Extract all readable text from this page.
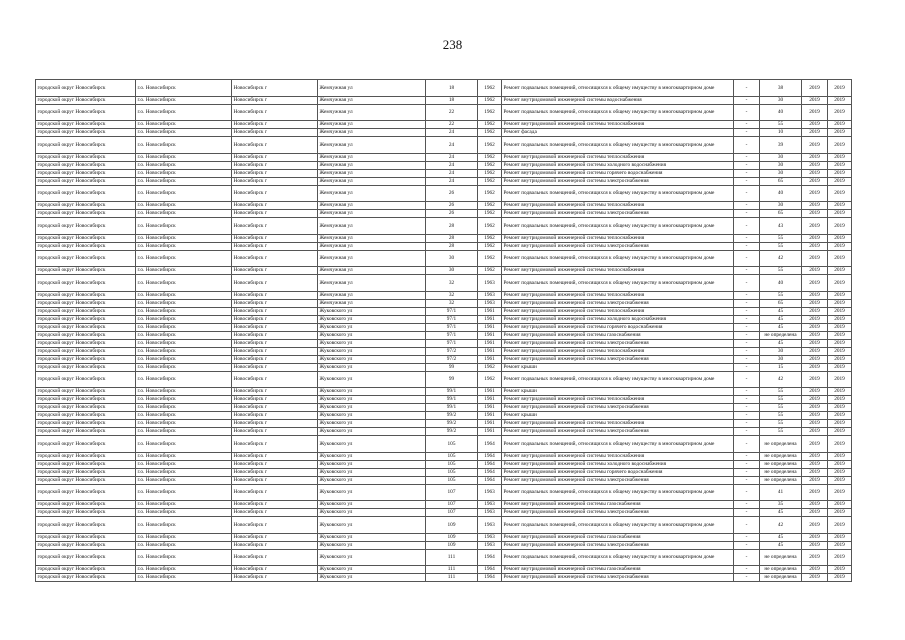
238
городской округ Новосибирск	г.о. Новосибирск	Новосибирск г	Жемчужная ул	18	1962	Ремонт подвальных помещений, относящихся к общему имуществу в многоквартирном доме	-	38	2019	2019
городской округ Новосибирск	г.о. Новосибирск	Новосибирск г	Жемчужная ул	18	1962	Ремонт внутридомовой инженерной системы водоснабжения	-	30	2019	2019
городской округ Новосибирск	г.о. Новосибирск	Новосибирск г	Жемчужная ул	22	1962	Ремонт подвальных помещений, относящихся к общему имуществу в многоквартирном доме	-	40	2019	2019
городской округ Новосибирск	г.о. Новосибирск	Новосибирск г	Жемчужная ул	22	1962	Ремонт внутридомовой инженерной системы теплоснабжения	-	55	2019	2019
городской округ Новосибирск	г.о. Новосибирск	Новосибирск г	Жемчужная ул	24	1962	Ремонт фасада	-	10	2019	2019
городской округ Новосибирск	г.о. Новосибирск	Новосибирск г	Жемчужная ул	24	1962	Ремонт подвальных помещений, относящихся к общему имуществу в многоквартирном доме	-	39	2019	2019
городской округ Новосибирск	г.о. Новосибирск	Новосибирск г	Жемчужная ул	24	1962	Ремонт внутридомовой инженерной системы теплоснабжения	-	30	2019	2019
городской округ Новосибирск	г.о. Новосибирск	Новосибирск г	Жемчужная ул	24	1962	Ремонт внутридомовой инженерной системы холодного водоснабжения	-	30	2019	2019
городской округ Новосибирск	г.о. Новосибирск	Новосибирск г	Жемчужная ул	24	1962	Ремонт внутридомовой инженерной системы горячего водоснабжения	-	30	2019	2019
городской округ Новосибирск	г.о. Новосибирск	Новосибирск г	Жемчужная ул	24	1962	Ремонт внутридомовой инженерной системы электроснабжения	-	65	2019	2019
городской округ Новосибирск	г.о. Новосибирск	Новосибирск г	Жемчужная ул	26	1962	Ремонт подвальных помещений, относящихся к общему имуществу в многоквартирном доме	-	40	2019	2019
городской округ Новосибирск	г.о. Новосибирск	Новосибирск г	Жемчужная ул	26	1962	Ремонт внутридомовой инженерной системы теплоснабжения	-	30	2019	2019
городской округ Новосибирск	г.о. Новосибирск	Новосибирск г	Жемчужная ул	26	1962	Ремонт внутридомовой инженерной системы электроснабжения	-	65	2019	2019
городской округ Новосибирск	г.о. Новосибирск	Новосибирск г	Жемчужная ул	28	1962	Ремонт подвальных помещений, относящихся к общему имуществу в многоквартирном доме	-	43	2019	2019
городской округ Новосибирск	г.о. Новосибирск	Новосибирск г	Жемчужная ул	28	1962	Ремонт внутридомовой инженерной системы теплоснабжения	-	55	2019	2019
городской округ Новосибирск	г.о. Новосибирск	Новосибирск г	Жемчужная ул	28	1962	Ремонт внутридомовой инженерной системы электроснабжения	-	55	2019	2019
городской округ Новосибирск	г.о. Новосибирск	Новосибирск г	Жемчужная ул	30	1962	Ремонт подвальных помещений, относящихся к общему имуществу в многоквартирном доме	-	42	2019	2019
городской округ Новосибирск	г.о. Новосибирск	Новосибирск г	Жемчужная ул	30	1962	Ремонт внутридомовой инженерной системы теплоснабжения	-	55	2019	2019
городской округ Новосибирск	г.о. Новосибирск	Новосибирск г	Жемчужная ул	32	1963	Ремонт подвальных помещений, относящихся к общему имуществу в многоквартирном доме	-	40	2019	2019
городской округ Новосибирск	г.о. Новосибирск	Новосибирск г	Жемчужная ул	32	1963	Ремонт внутридомовой инженерной системы теплоснабжения	-	55	2019	2019
городской округ Новосибирск	г.о. Новосибирск	Новосибирск г	Жемчужная ул	32	1963	Ремонт внутридомовой инженерной системы электроснабжения	-	65	2019	2019
городской округ Новосибирск	г.о. Новосибирск	Новосибирск г	Жуковского ул	97/1	1961	Ремонт внутридомовой инженерной системы теплоснабжения	-	45	2019	2019
городской округ Новосибирск	г.о. Новосибирск	Новосибирск г	Жуковского ул	97/1	1961	Ремонт внутридомовой инженерной системы холодного водоснабжения	-	45	2019	2019
городской округ Новосибирск	г.о. Новосибирск	Новосибирск г	Жуковского ул	97/1	1961	Ремонт внутридомовой инженерной системы горячего водоснабжения	-	45	2019	2019
городской округ Новосибирск	г.о. Новосибирск	Новосибирск г	Жуковского ул	97/1	1961	Ремонт внутридомовой инженерной системы газоснабжения	-	не определена	2019	2019
городской округ Новосибирск	г.о. Новосибирск	Новосибирск г	Жуковского ул	97/1	1961	Ремонт внутридомовой инженерной системы электроснабжения	-	45	2019	2019
городской округ Новосибирск	г.о. Новосибирск	Новосибирск г	Жуковского ул	97/2	1961	Ремонт внутридомовой инженерной системы теплоснабжения	-	30	2019	2019
городской округ Новосибирск	г.о. Новосибирск	Новосибирск г	Жуковского ул	97/2	1961	Ремонт внутридомовой инженерной системы электроснабжения	-	30	2019	2019
городской округ Новосибирск	г.о. Новосибирск	Новосибирск г	Жуковского ул	99	1962	Ремонт крыши	-	15	2019	2019
городской округ Новосибирск	г.о. Новосибирск	Новосибирск г	Жуковского ул	99	1962	Ремонт подвальных помещений, относящихся к общему имуществу в многоквартирном доме	-	42	2019	2019
городской округ Новосибирск	г.о. Новосибирск	Новосибирск г	Жуковского ул	99/1	1961	Ремонт крыши	-	55	2019	2019
городской округ Новосибирск	г.о. Новосибирск	Новосибирск г	Жуковского ул	99/1	1961	Ремонт внутридомовой инженерной системы теплоснабжения	-	55	2019	2019
городской округ Новосибирск	г.о. Новосибирск	Новосибирск г	Жуковского ул	99/1	1961	Ремонт внутридомовой инженерной системы электроснабжения	-	55	2019	2019
городской округ Новосибирск	г.о. Новосибирск	Новосибирск г	Жуковского ул	99/2	1961	Ремонт крыши	-	55	2019	2019
городской округ Новосибирск	г.о. Новосибирск	Новосибирск г	Жуковского ул	99/2	1961	Ремонт внутридомовой инженерной системы теплоснабжения	-	55	2019	2019
городской округ Новосибирск	г.о. Новосибирск	Новосибирск г	Жуковского ул	99/2	1961	Ремонт внутридомовой инженерной системы электроснабжения	-	55	2019	2019
городской округ Новосибирск	г.о. Новосибирск	Новосибирск г	Жуковского ул	105	1964	Ремонт подвальных помещений, относящихся к общему имуществу в многоквартирном доме	-	не определена	2019	2019
городской округ Новосибирск	г.о. Новосибирск	Новосибирск г	Жуковского ул	105	1964	Ремонт внутридомовой инженерной системы теплоснабжения	-	не определена	2019	2019
городской округ Новосибирск	г.о. Новосибирск	Новосибирск г	Жуковского ул	105	1964	Ремонт внутридомовой инженерной системы холодного водоснабжения	-	не определена	2019	2019
городской округ Новосибирск	г.о. Новосибирск	Новосибирск г	Жуковского ул	105	1964	Ремонт внутридомовой инженерной системы горячего водоснабжения	-	не определена	2019	2019
городской округ Новосибирск	г.о. Новосибирск	Новосибирск г	Жуковского ул	105	1964	Ремонт внутридомовой инженерной системы электроснабжения	-	не определена	2019	2019
городской округ Новосибирск	г.о. Новосибирск	Новосибирск г	Жуковского ул	107	1963	Ремонт подвальных помещений, относящихся к общему имуществу в многоквартирном доме	-	41	2019	2019
городской округ Новосибирск	г.о. Новосибирск	Новосибирск г	Жуковского ул	107	1963	Ремонт внутридомовой инженерной системы газоснабжения	-	35	2019	2019
городской округ Новосибирск	г.о. Новосибирск	Новосибирск г	Жуковского ул	107	1963	Ремонт внутридомовой инженерной системы электроснабжения	-	45	2019	2019
городской округ Новосибирск	г.о. Новосибирск	Новосибирск г	Жуковского ул	109	1963	Ремонт подвальных помещений, относящихся к общему имуществу в многоквартирном доме	-	42	2019	2019
городской округ Новосибирск	г.о. Новосибирск	Новосибирск г	Жуковского ул	109	1963	Ремонт внутридомовой инженерной системы газоснабжения	-	45	2019	2019
городской округ Новосибирск	г.о. Новосибирск	Новосибирск г	Жуковского ул	109	1963	Ремонт внутридомовой инженерной системы электроснабжения	-	45	2019	2019
городской округ Новосибирск	г.о. Новосибирск	Новосибирск г	Жуковского ул	111	1964	Ремонт подвальных помещений, относящихся к общему имуществу в многоквартирном доме	-	не определена	2019	2019
городской округ Новосибирск	г.о. Новосибирск	Новосибирск г	Жуковского ул	111	1964	Ремонт внутридомовой инженерной системы газоснабжения	-	не определена	2019	2019
городской округ Новосибирск	г.о. Новосибирск	Новосибирск г	Жуковского ул	111	1964	Ремонт внутридомовой инженерной системы электроснабжения	-	не определена	2019	2019
